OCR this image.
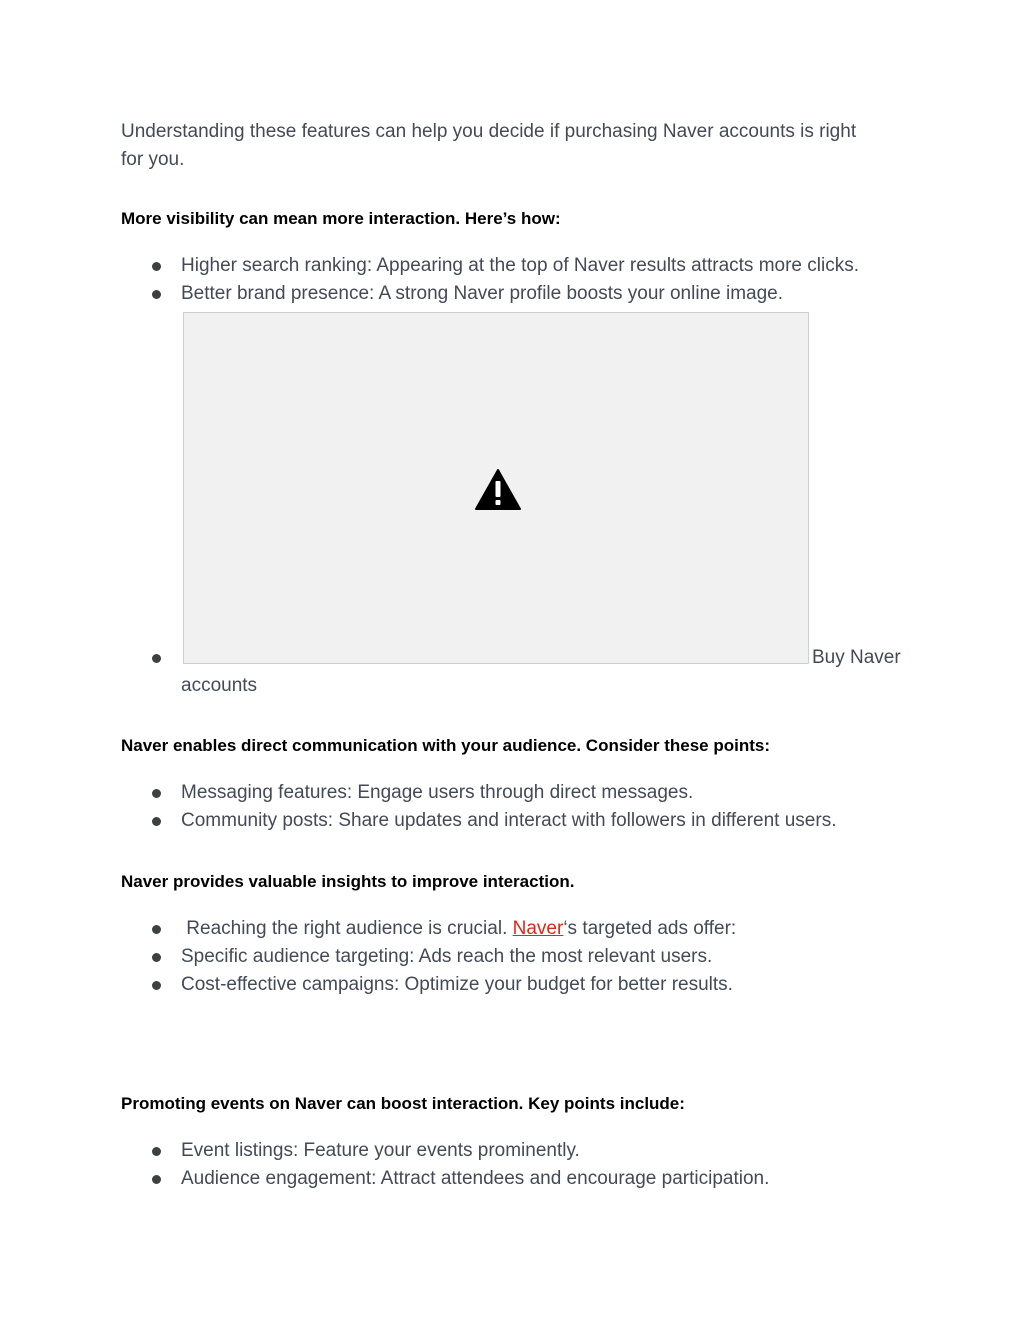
Understanding these features can help you decide if purchasing Naver accounts is right
for you.

More visibility can mean more interaction. Here’s how:

Higher search ranking: Appearing at the top of Naver results attracts more clicks.
Better brand presence: A strong Naver profile boosts your online image.
Buy Naver
accounts

Naver enables direct communication with your audience. Consider these points:

Messaging features: Engage users through direct messages.
Community posts: Share updates and interact with followers in different users.

Naver provides valuable insights to improve interaction.

Reaching the right audience is crucial. Naver‘s targeted ads offer:
Specific audience targeting: Ads reach the most relevant users.
Cost-effective campaigns: Optimize your budget for better results.

Promoting events on Naver can boost interaction. Key points include:

Event listings: Feature your events prominently.
Audience engagement: Attract attendees and encourage participation.
